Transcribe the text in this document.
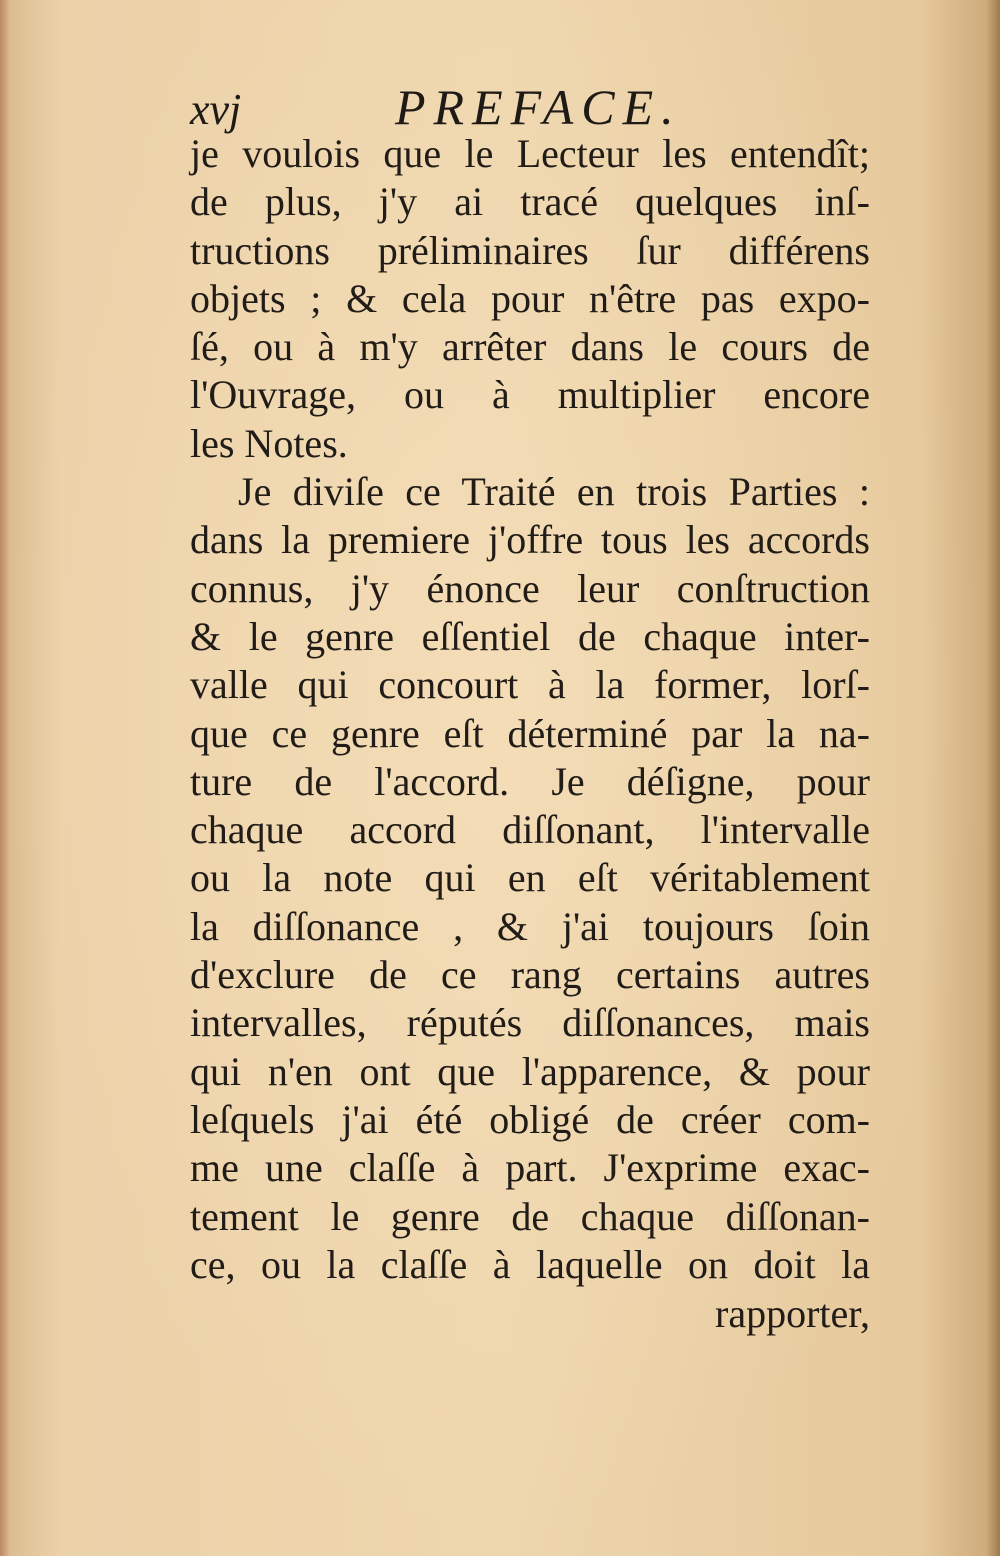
xvj	PREFACE.
je voulois que le Lecteur les entendît;
de plus, j'y ai tracé quelques inſ-
tructions préliminaires ſur différens
objets ; & cela pour n'être pas expo-
ſé, ou à m'y arrêter dans le cours de
l'Ouvrage, ou à multiplier encore
les Notes.
Je diviſe ce Traité en trois Parties :
dans la premiere j'offre tous les accords
connus, j'y énonce leur conſtruction
& le genre eſſentiel de chaque inter-
valle qui concourt à la former, lorſ-
que ce genre eſt déterminé par la na-
ture de l'accord. Je déſigne, pour
chaque accord diſſonant, l'intervalle
ou la note qui en eſt véritablement
la diſſonance , & j'ai toujours ſoin
d'exclure de ce rang certains autres
intervalles, réputés diſſonances, mais
qui n'en ont que l'apparence, & pour
leſquels j'ai été obligé de créer com-
me une claſſe à part. J'exprime exac-
tement le genre de chaque diſſonan-
ce, ou la claſſe à laquelle on doit la
rapporter,
